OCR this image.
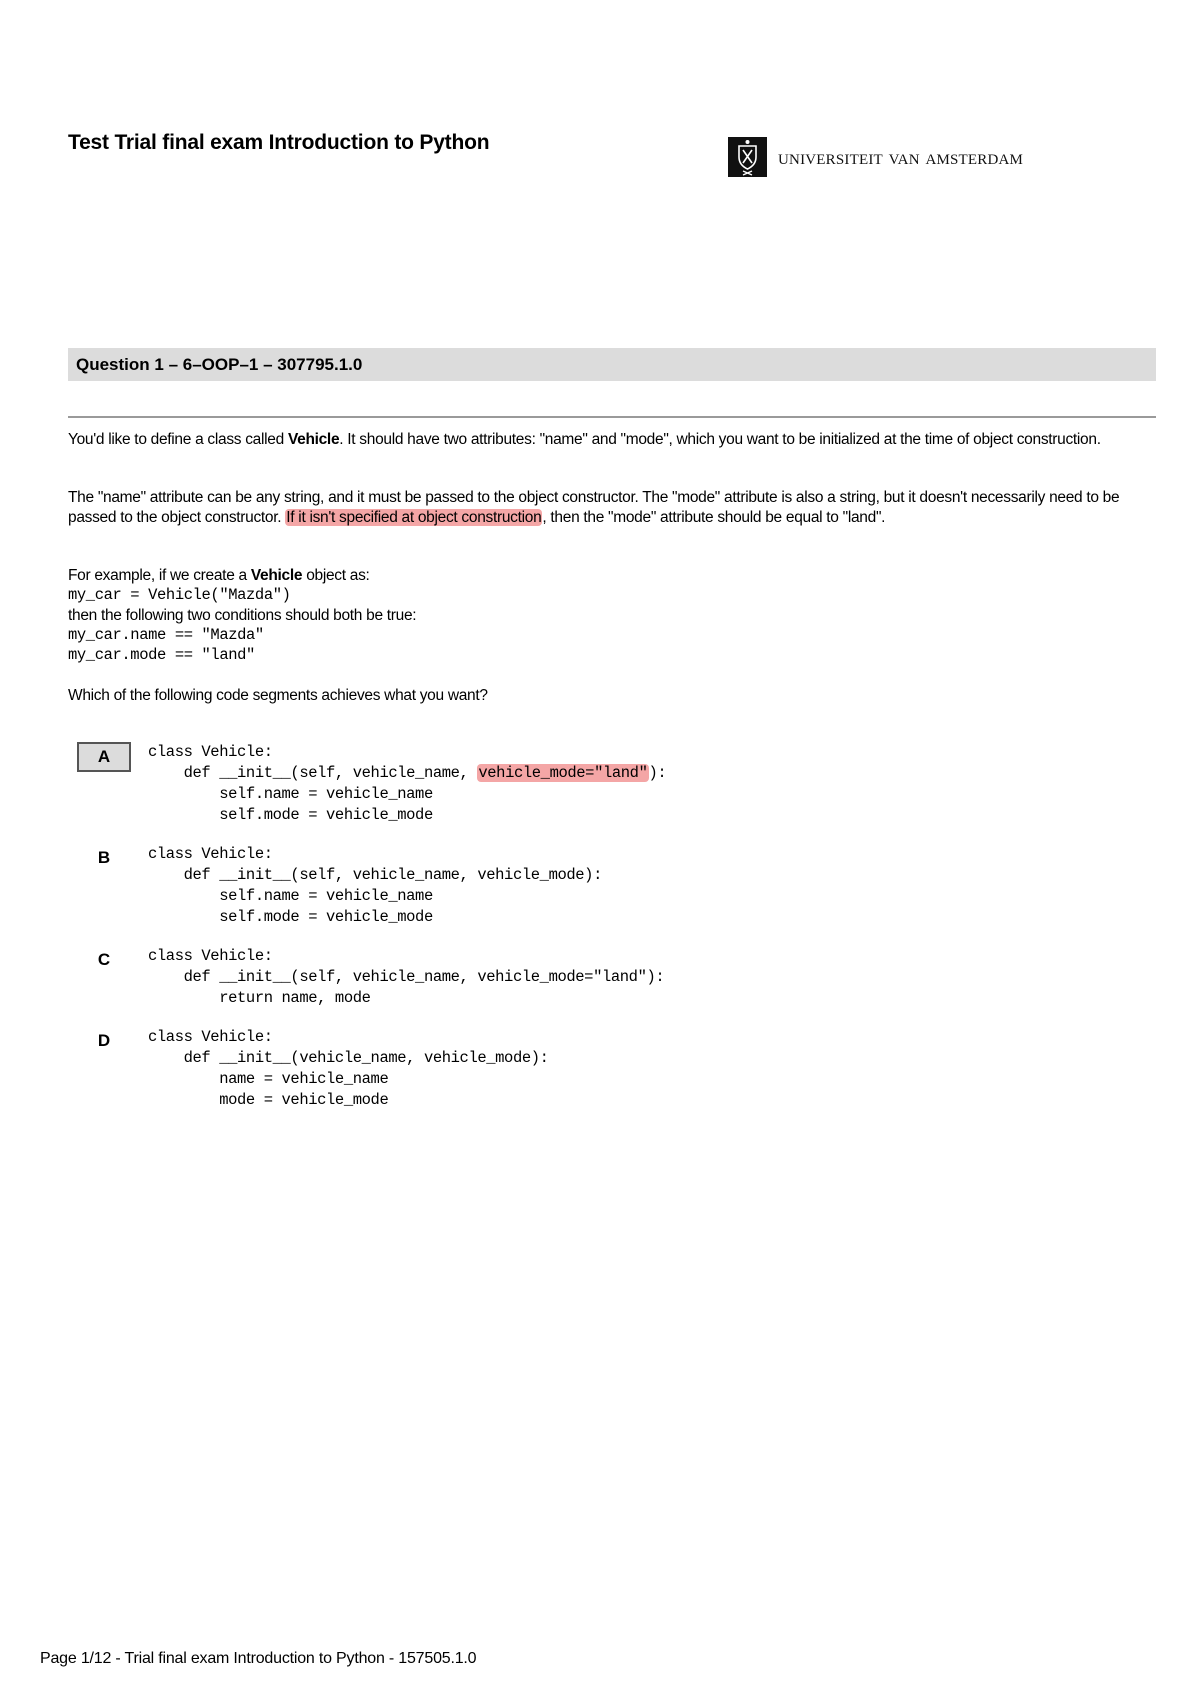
Test Trial final exam Introduction to Python
universiteit van amsterdam
Question 1 – 6–OOP–1 – 307795.1.0
You'd like to define a class called Vehicle. It should have two attributes: "name" and "mode", which you want to be initialized at the time of object construction.
The "name" attribute can be any string, and it must be passed to the object constructor. The "mode" attribute is also a string, but it doesn't necessarily need to be passed to the object constructor. If it isn't specified at object construction, then the "mode" attribute should be equal to "land".
For example, if we create a Vehicle object as:
my_car = Vehicle("Mazda")
then the following two conditions should both be true:
my_car.name == "Mazda"
my_car.mode == "land"
Which of the following code segments achieves what you want?
A	class Vehicle:
def __init__(self, vehicle_name, vehicle_mode="land"):
self.name = vehicle_name
self.mode = vehicle_mode
B	class Vehicle:
def __init__(self, vehicle_name, vehicle_mode):
self.name = vehicle_name
self.mode = vehicle_mode
C	class Vehicle:
def __init__(self, vehicle_name, vehicle_mode="land"):
return name, mode
D	class Vehicle:
def __init__(vehicle_name, vehicle_mode):
name = vehicle_name
mode = vehicle_mode
Page 1/12 - Trial final exam Introduction to Python - 157505.1.0
